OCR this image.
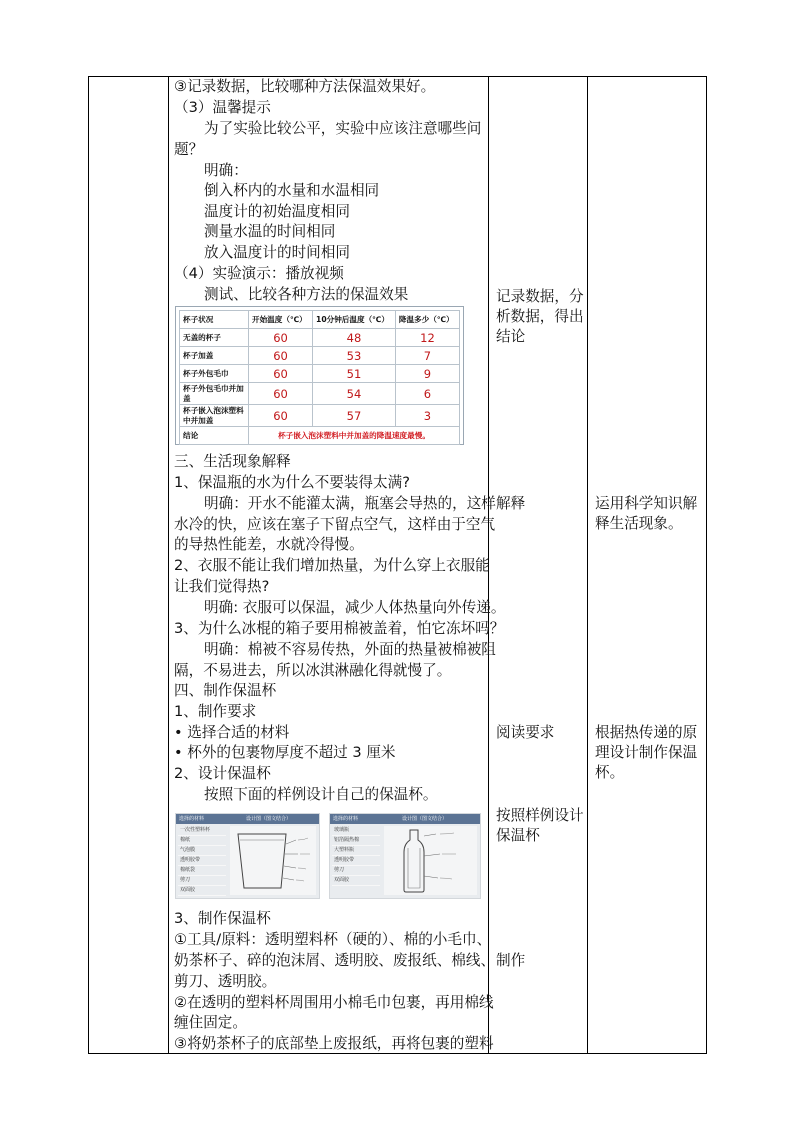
③记录数据，比较哪种方法保温效果好。
（3）温馨提示
为了实验比较公平，实验中应该注意哪些问
题？
明确：
倒入杯内的水量和水温相同
温度计的初始温度相同
测量水温的时间相同
放入温度计的时间相同
（4）实验演示：播放视频
测试、比较各种方法的保温效果
三、生活现象解释
1、保温瓶的水为什么不要装得太满?
明确：开水不能灌太满，瓶塞会导热的，这样
水冷的快，应该在塞子下留点空气，这样由于空气
的导热性能差，水就冷得慢。
2、衣服不能让我们增加热量，为什么穿上衣服能
让我们觉得热?
明确: 衣服可以保温，减少人体热量向外传递。
3、为什么冰棍的箱子要用棉被盖着，怕它冻坏吗？
明确：棉被不容易传热，外面的热量被棉被阻
隔，不易进去，所以冰淇淋融化得就慢了。
四、制作保温杯
1、制作要求
• 选择合适的材料
• 杯外的包裹物厚度不超过 3 厘米
2、设计保温杯
按照下面的样例设计自己的保温杯。
3、制作保温杯
①工具/原料：透明塑料杯（硬的）、棉的小毛巾、
奶茶杯子、碎的泡沫屑、透明胶、废报纸、棉线、
剪刀、透明胶。
②在透明的塑料杯周围用小棉毛巾包裹，再用棉线
缠住固定。
③将奶茶杯子的底部垫上废报纸，再将包裹的塑料
杯子状况	开始温度（℃）	10分钟后温度（℃）	降温多少（℃）
无盖的杯子	60	48	12
杯子加盖	60	53	7
杯子外包毛巾	60	51	9
杯子外包毛巾并加盖	60	54	6
杯子嵌入泡沫塑料中并加盖	60	57	3
结论	杯子嵌入泡沫塑料中并加盖的降温速度最慢。		
选择的材料	设计图（图文结合）
一次性塑料杯
棉纸
气泡膜
透明胶带
棉纸袋
剪刀
双面胶
选择的材料	设计图（图文结合）
玻璃瓶
铝箔隔热棉
大塑料瓶
透明胶带
剪刀
双面胶
记录数据，分
析数据，得出
结论
解释
阅读要求
按照样例设计
保温杯
制作
运用科学知识解
释生活现象。
根据热传递的原
理设计制作保温
杯。
